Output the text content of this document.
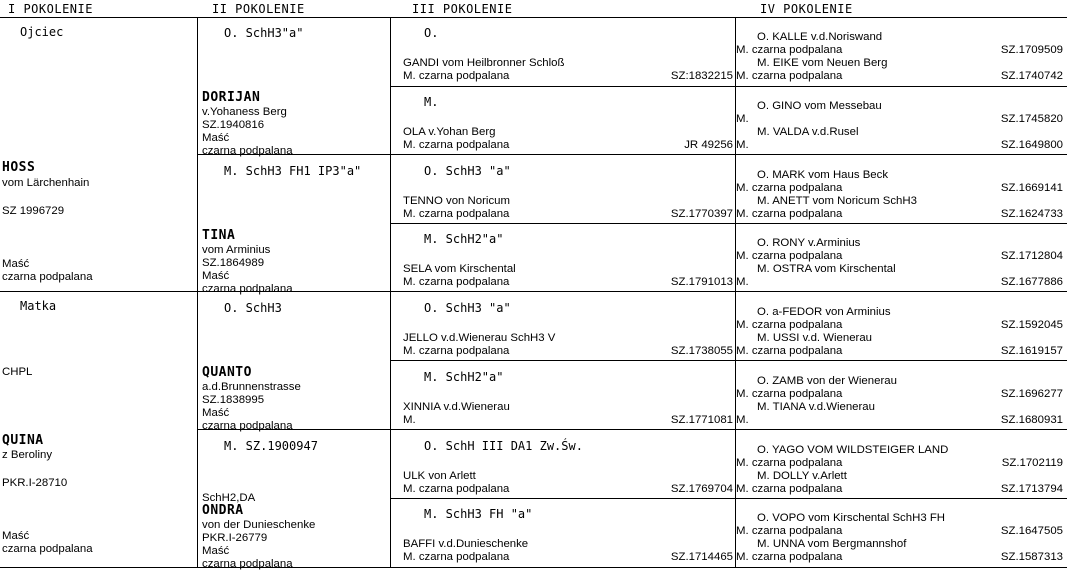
I POKOLENIE	II POKOLENIE	III POKOLENIE	IV POKOLENIE
Ojciec
HOSS
vom Lärchenhain
SZ 1996729
Maść
czarna podpalana
Matka
CHPL
QUINA
z Beroliny
PKR.I-28710
Maść
czarna podpalana
O. SchH3"a"
DORIJAN
v.Yohaness Berg
SZ.1940816
Maść
czarna podpalana
M. SchH3 FH1 IP3"a"
TINA
vom Arminius
SZ.1864989
Maść
czarna podpalana
O. SchH3
QUANTO
a.d.Brunnenstrasse
SZ.1838995
Maść
czarna podpalana
M. SZ.1900947
SchH2,DA
ONDRA
von der Dunieschenke
PKR.I-26779
Maść
czarna podpalana
O.
GANDI vom Heilbronner Schloß
M. czarna podpalana	SZ:1832215
M.
OLA v.Yohan Berg
M. czarna podpalana	JR 49256
O. SchH3 "a"
TENNO von Noricum
M. czarna podpalana	SZ.1770397
M. SchH2"a"
SELA vom Kirschental
M. czarna podpalana	SZ.1791013
O. SchH3 "a"
JELLO v.d.Wienerau SchH3 V
M. czarna podpalana	SZ.1738055
M. SchH2"a"
XINNIA v.d.Wienerau
M.	SZ.1771081
O. SchH III DA1 Zw.Św.
ULK von Arlett
M. czarna podpalana	SZ.1769704
M. SchH3 FH "a"
BAFFI v.d.Dunieschenke
M. czarna podpalana	SZ.1714465
O. KALLE v.d.Noriswand
M. czarna podpalana	SZ.1709509
M. EIKE vom Neuen Berg
M. czarna podpalana	SZ.1740742
O. GINO vom Messebau
M.	SZ.1745820
M. VALDA v.d.Rusel
M.	SZ.1649800
O. MARK vom Haus Beck
M. czarna podpalana	SZ.1669141
M. ANETT vom Noricum SchH3
M. czarna podpalana	SZ.1624733
O. RONY v.Arminius
M. czarna podpalana	SZ.1712804
M. OSTRA vom Kirschental
M.	SZ.1677886
O. a-FEDOR von Arminius
M. czarna podpalana	SZ.1592045
M. USSI v.d. Wienerau
M. czarna podpalana	SZ.1619157
O. ZAMB von der Wienerau
M. czarna podpalana	SZ.1696277
M. TIANA v.d.Wienerau
M.	SZ.1680931
O. YAGO VOM WILDSTEIGER LAND
M. czarna podpalana	SZ.1702119
M. DOLLY v.Arlett
M. czarna podpalana	SZ.1713794
O. VOPO vom Kirschental SchH3 FH
M. czarna podpalana	SZ.1647505
M. UNNA vom Bergmannshof
M. czarna podpalana	SZ.1587313
